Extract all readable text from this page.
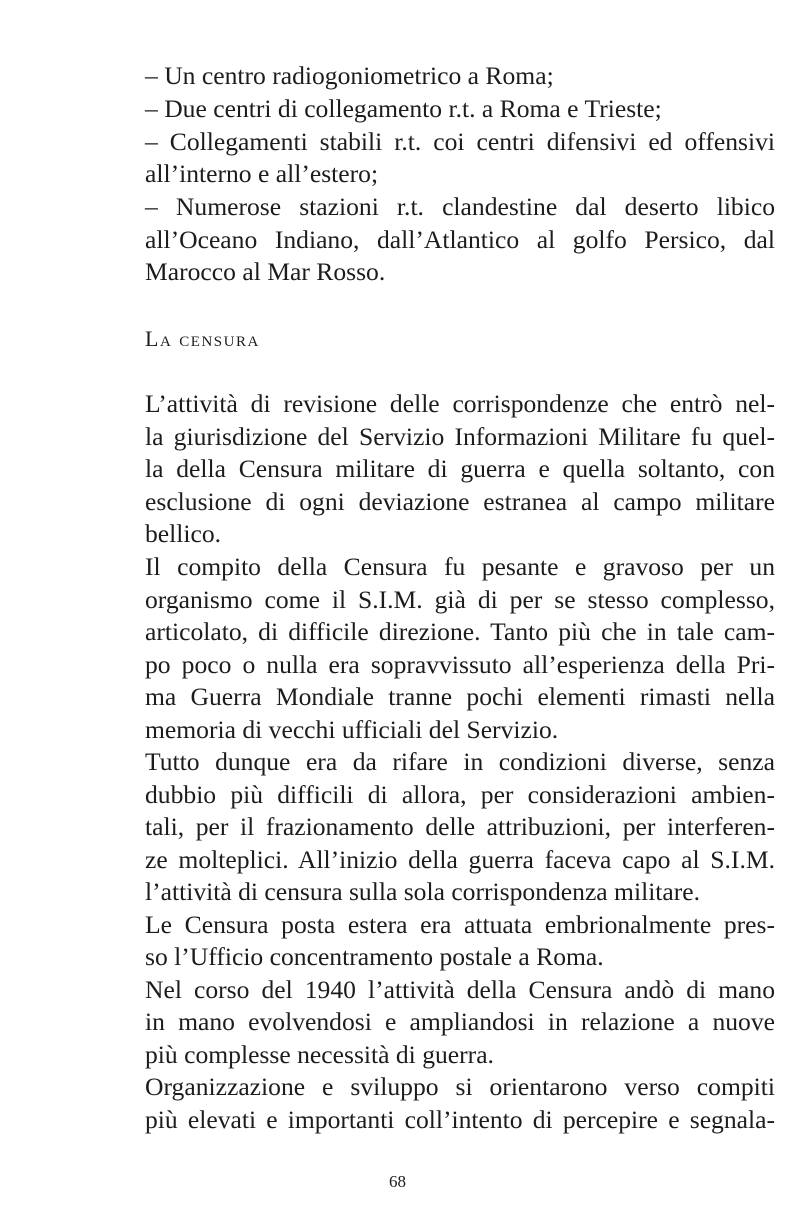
– Un centro radiogoniometrico a Roma;
– Due centri di collegamento r.t. a Roma e Trieste;
– Collegamenti stabili r.t. coi centri difensivi ed offensivi
all’interno e all’estero;
– Numerose stazioni r.t. clandestine dal deserto libico
all’Oceano Indiano, dall’Atlantico al golfo Persico, dal
Marocco al Mar Rosso.
La censura
L’attività di revisione delle corrispondenze che entrò nel-
la giurisdizione del Servizio Informazioni Militare fu quel-
la della Censura militare di guerra e quella soltanto, con
esclusione di ogni deviazione estranea al campo militare
bellico.
Il compito della Censura fu pesante e gravoso per un
organismo come il S.I.M. già di per se stesso complesso,
articolato, di difficile direzione. Tanto più che in tale cam-
po poco o nulla era sopravvissuto all’esperienza della Pri-
ma Guerra Mondiale tranne pochi elementi rimasti nella
memoria di vecchi ufficiali del Servizio.
Tutto dunque era da rifare in condizioni diverse, senza
dubbio più difficili di allora, per considerazioni ambien-
tali, per il frazionamento delle attribuzioni, per interferen-
ze molteplici. All’inizio della guerra faceva capo al S.I.M.
l’attività di censura sulla sola corrispondenza militare.
Le Censura posta estera era attuata embrionalmente pres-
so l’Ufficio concentramento postale a Roma.
Nel corso del 1940 l’attività della Censura andò di mano
in mano evolvendosi e ampliandosi in relazione a nuove
più complesse necessità di guerra.
Organizzazione e sviluppo si orientarono verso compiti
più elevati e importanti coll’intento di percepire e segnala-
68
